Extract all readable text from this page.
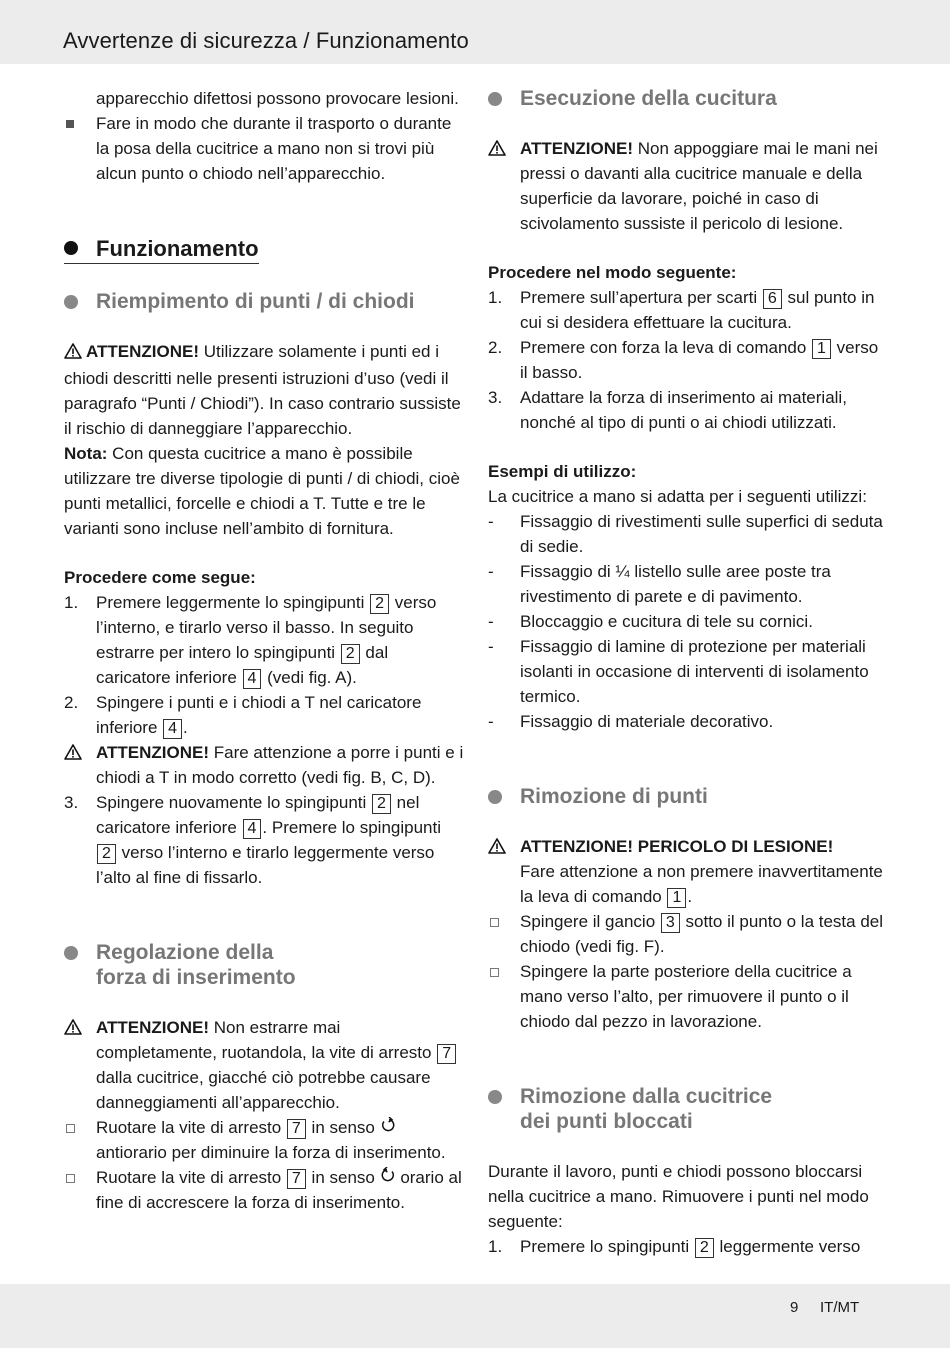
Avvertenze di sicurezza / Funzionamento

apparecchio difettosi possono provocare lesioni.

Fare in modo che durante il trasporto o durante la posa della cucitrice a mano non si trovi più alcun punto o chiodo nell’apparecchio.

Funzionamento
Riempimento di punti / di chiodi

ATTENZIONE! Utilizzare solamente i punti ed i chiodi descritti nelle presenti istruzioni d’uso (vedi il paragrafo “Punti / Chiodi”). In caso contrario sussiste il rischio di danneggiare l’apparecchio.

Nota: Con questa cucitrice a mano è possibile utilizzare tre diverse tipologie di punti / di chiodi, cioè punti metallici, forcelle e chiodi a T. Tutte e tre le varianti sono incluse nell’ambito di fornitura.

Procedere come segue:

1. Premere leggermente lo spingipunti 2 verso l’interno, e tirarlo verso il basso. In seguito estrarre per intero lo spingipunti 2 dal caricatore inferiore 4 (vedi fig. A).

2. Spingere i punti e i chiodi a T nel caricatore inferiore 4 .

ATTENZIONE! Fare attenzione a porre i punti e i chiodi a T in modo corretto (vedi fig. B, C, D).

3. Spingere nuovamente lo spingipunti 2 nel caricatore inferiore 4 . Premere lo spingipunti 2 verso l’interno e tirarlo leggermente verso l’alto al fine di fissarlo.

Regolazione della
forza di inserimento

ATTENZIONE! Non estrarre mai completamente, ruotandola, la vite di arresto 7 dalla cucitrice, giacché ciò potrebbe causare danneggiamenti all’apparecchio.

Ruotare la vite di arresto 7 in senso  antiorario per diminuire la forza di inserimento.

Ruotare la vite di arresto 7 in senso  orario al fine di accrescere la forza di inserimento.

Esecuzione della cucitura

ATTENZIONE! Non appoggiare mai le mani nei pressi o davanti alla cucitrice manuale e della superficie da lavorare, poiché in caso di scivolamento sussiste il pericolo di lesione.

Procedere nel modo seguente:

1. Premere sull’apertura per scarti 6 sul punto in cui si desidera effettuare la cucitura.

2. Premere con forza la leva di comando 1 verso il basso.

3. Adattare la forza di inserimento ai materiali, nonché al tipo di punti o ai chiodi utilizzati.

Esempi di utilizzo:

La cucitrice a mano si adatta per i seguenti utilizzi:

- Fissaggio di rivestimenti sulle superfici di seduta di sedie.

- Fissaggio di ¼ listello sulle aree poste tra rivestimento di parete e di pavimento.

- Bloccaggio e cucitura di tele su cornici.

- Fissaggio di lamine di protezione per materiali isolanti in occasione di interventi di isolamento termico.

- Fissaggio di materiale decorativo.

Rimozione di punti

ATTENZIONE! PERICOLO DI LESIONE!
Fare attenzione a non premere inavvertitamente la leva di comando 1 .

Spingere il gancio 3 sotto il punto o la testa del chiodo (vedi fig. F).

Spingere la parte posteriore della cucitrice a mano verso l’alto, per rimuovere il punto o il chiodo dal pezzo in lavorazione.

Rimozione dalla cucitrice
dei punti bloccati

Durante il lavoro, punti e chiodi possono bloccarsi nella cucitrice a mano. Rimuovere i punti nel modo seguente:

1. Premere lo spingipunti 2 leggermente verso

9 IT/MT
